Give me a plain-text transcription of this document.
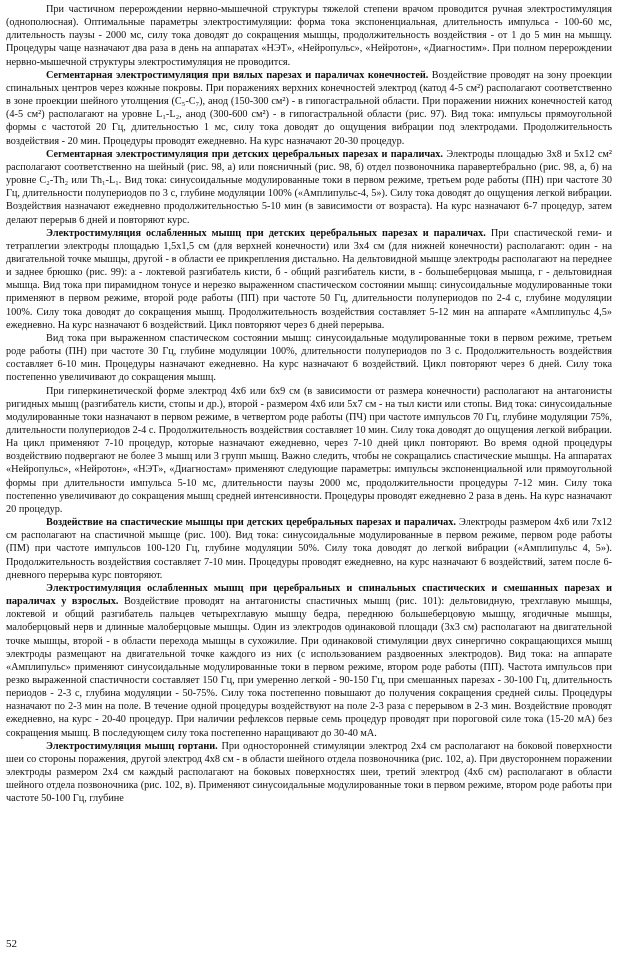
При частичном перерождении нервно-мышечной структуры тяжелой степени врачом проводится ручная электростимуляция (однополюсная). Оптимальные параметры электростимуляции: форма тока экспоненциальная, длительность импульса - 100-60 мс, длительность паузы - 2000 мс, силу тока доводят до сокращения мышцы, продолжительность воздействия - от 1 до 5 мин на мышцу. Процедуры чаще назначают два раза в день на аппаратах «НЭТ», «Нейропульс», «Нейротон», «Диагностим». При полном перерождении нервно-мышечной структуры электростимуляция не проводится.

Сегментарная электростимуляция при вялых парезах и параличах конечностей. Воздействие проводят на зону проекции спинальных центров через кожные покровы. При поражениях верхних конечностей электрод (катод 4-5 см²) располагают соответственно в зоне проекции шейного утолщения (C₅-C₇), анод (150-300 см²) - в гипогастральной области. При поражении нижних конечностей катод (4-5 см²) располагают на уровне L₁-L₂, анод (300-600 см²) - в гипогастральной области (рис. 97). Вид тока: импульсы прямоугольной формы с частотой 20 Гц, длительностью 1 мс, силу тока доводят до ощущения вибрации под электродами. Продолжительность воздействия - 20 мин. Процедуры проводят ежедневно. На курс назначают 20-30 процедур.

Сегментарная электростимуляция при детских церебральных парезах и параличах. Электроды площадью 3х8 и 5х12 см² располагают соответственно на шейный (рис. 98, а) или поясничный (рис. 98, б) отдел позвоночника паравертебрально (рис. 98, а, б) на уровне C₂-Th₂ или Th₁-L₁. Вид тока: синусоидальные модулированные токи в первом режиме, третьем роде работы (ПН) при частоте 30 Гц, длительности полупериодов по 3 с, глубине модуляции 100% («Амплипульс-4, 5»). Силу тока доводят до ощущения легкой вибрации. Воздействия назначают ежедневно продолжительностью 5-10 мин (в зависимости от возраста). На курс назначают 6-7 процедур, затем делают перерыв 6 дней и повторяют курс.

Электростимуляция ослабленных мышц при детских церебральных парезах и параличах. При спастической геми- и тетраплегии электроды площадью 1,5х1,5 см (для верхней конечности) или 3х4 см (для нижней конечности) располагают: один - на двигательной точке мышцы, другой - в области ее прикрепления дистально. На дельтовидной мышце электроды располагают на переднее и заднее брюшко (рис. 99): а - локтевой разгибатель кисти, б - общий разгибатель кисти, в - большеберцовая мышца, г - дельтовидная мышца. Вид тока при пирамидном тонусе и нерезко выраженном спастическом состоянии мышц: синусоидальные модулированные токи применяют в первом режиме, второй роде работы (ПП) при частоте 50 Гц, длительности полупериодов по 2-4 с, глубине модуляции 100%. Силу тока доводят до сокращения мышц. Продолжительность воздействия составляет 5-12 мин на аппарате «Амплипульс 4,5» ежедневно. На курс назначают 6 воздействий. Цикл повторяют через 6 дней перерыва.

Вид тока при выраженном спастическом состоянии мышц: синусоидальные модулированные токи в первом режиме, третьем роде работы (ПН) при частоте 30 Гц, глубине модуляции 100%, длительности полупериодов по 3 с. Продолжительность воздействия составляет 6-10 мин. Процедуры назначают ежедневно. На курс назначают 6 воздействий. Цикл повторяют через 6 дней. Силу тока постепенно увеличивают до сокращения мышц.

При гиперкинетической форме электрод 4х6 или 6х9 см (в зависимости от размера конечности) располагают на антагонисты ригидных мышц (разгибатель кисти, стопы и др.), второй - размером 4х6 или 5х7 см - на тыл кисти или стопы. Вид тока: синусоидальные модулированные токи назначают в первом режиме, в четвертом роде работы (ПЧ) при частоте импульсов 70 Гц, глубине модуляции 75%, длительности полупериодов 2-4 с. Продолжительность воздействия составляет 10 мин. Силу тока доводят до ощущения легкой вибрации. На цикл применяют 7-10 процедур, которые назначают ежедневно, через 7-10 дней цикл повторяют. Во время одной процедуры воздействию подвергают не более 3 мышц или 3 групп мышц. Важно следить, чтобы не сокращались спастические мышцы. На аппаратах «Нейропульс», «Нейротон», «НЭТ», «Диагностам» применяют следующие параметры: импульсы экспоненциальной или прямоугольной формы при длительности импульса 5-10 мс, длительности паузы 2000 мс, продолжительности процедуры 7-12 мин. Силу тока постепенно увеличивают до сокращения мышц средней интенсивности. Процедуры проводят ежедневно 2 раза в день. На курс назначают 20 процедур.

Воздействие на спастические мышцы при детских церебральных парезах и параличах. Электроды размером 4х6 или 7х12 см располагают на спастичной мышце (рис. 100). Вид тока: синусоидальные модулированные в первом режиме, первом роде работы (ПМ) при частоте импульсов 100-120 Гц, глубине модуляции 50%. Силу тока доводят до легкой вибрации («Амплипульс 4, 5»). Продолжительность воздействия составляет 7-10 мин. Процедуры проводят ежедневно, на курс назначают 6 воздействий, затем после 6-дневного перерыва курс повторяют.

Электростимуляция ослабленных мышц при церебральных и спинальных спастических и смешанных парезах и параличах у взрослых. Воздействие проводят на антагонисты спастичных мышц (рис. 101): дельтовидную, трехглавую мышцы, локтевой и общий разгибатель пальцев четырехглавую мышцу бедра, переднюю большеберцовую мышцу, ягодичные мышцы, малоберцовый нерв и длинные малоберцовые мышцы. Один из электродов одинаковой площади (3х3 см) располагают на двигательной точке мышцы, второй - в области перехода мышцы в сухожилие. При одинаковой стимуляции двух синергично сокращающихся мышц электроды размещают на двигательной точке каждого из них (с использованием раздвоенных электродов). Вид тока: на аппарате «Амплипульс» применяют синусоидальные модулированные токи в первом режиме, втором роде работы (ПП). Частота импульсов при резко выраженной спастичности составляет 150 Гц, при умеренно легкой - 90-150 Гц, при смешанных парезах - 30-100 Гц, длительность периодов - 2-3 с, глубина модуляции - 50-75%. Силу тока постепенно повышают до получения сокращения средней силы. Процедуры назначают по 2-3 мин на поле. В течение одной процедуры воздействуют на поле 2-3 раза с перерывом в 2-3 мин. Воздействие проводят ежедневно, на курс - 20-40 процедур. При наличии рефлексов первые семь процедур проводят при пороговой силе тока (15-20 мА) без сокращения мышц. В последующем силу тока постепенно наращивают до 30-40 мА.

Электростимуляция мышц гортани. При односторонней стимуляции электрод 2х4 см располагают на боковой поверхности шеи со стороны поражения, другой электрод 4х8 см - в области шейного отдела позвоночника (рис. 102, а). При двустороннем поражении электроды размером 2х4 см каждый располагают на боковых поверхностях шеи, третий электрод (4х6 см) располагают в области шейного отдела позвоночника (рис. 102, в). Применяют синусоидальные модулированные токи в первом режиме, втором роде работы при частоте 50-100 Гц, глубине

52
